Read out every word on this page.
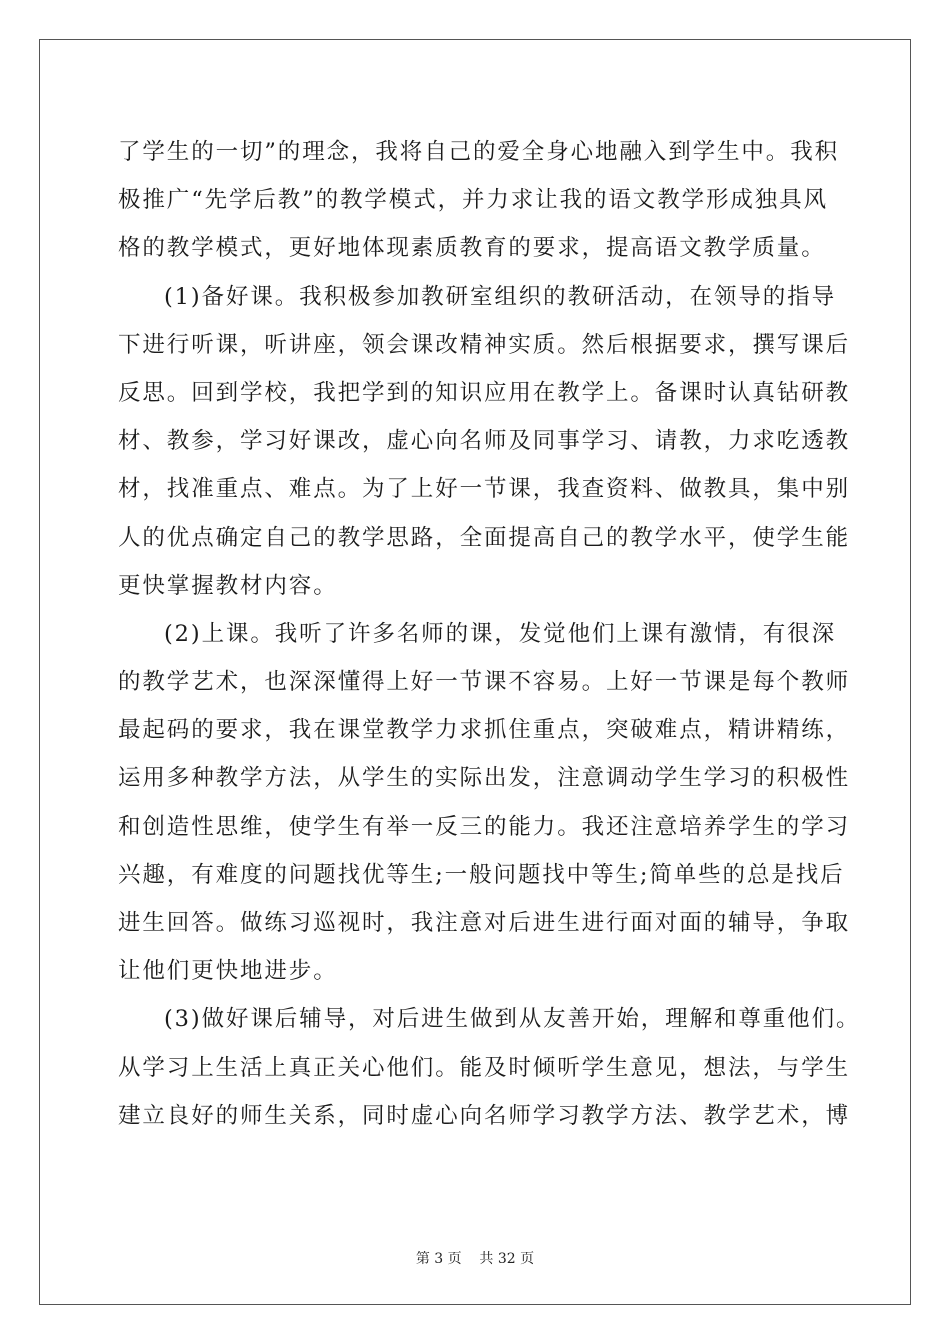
了学生的一切”的理念，我将自己的爱全身心地融入到学生中。我积
极推广“先学后教”的教学模式，并力求让我的语文教学形成独具风
格的教学模式，更好地体现素质教育的要求，提高语文教学质量。
(1)备好课。我积极参加教研室组织的教研活动，在领导的指导
下进行听课，听讲座，领会课改精神实质。然后根据要求，撰写课后
反思。回到学校，我把学到的知识应用在教学上。备课时认真钻研教
材、教参，学习好课改，虚心向名师及同事学习、请教，力求吃透教
材，找准重点、难点。为了上好一节课，我查资料、做教具，集中别
人的优点确定自己的教学思路，全面提高自己的教学水平，使学生能
更快掌握教材内容。
(2)上课。我听了许多名师的课，发觉他们上课有激情，有很深
的教学艺术，也深深懂得上好一节课不容易。上好一节课是每个教师
最起码的要求，我在课堂教学力求抓住重点，突破难点，精讲精练，
运用多种教学方法，从学生的实际出发，注意调动学生学习的积极性
和创造性思维，使学生有举一反三的能力。我还注意培养学生的学习
兴趣，有难度的问题找优等生;一般问题找中等生;简单些的总是找后
进生回答。做练习巡视时，我注意对后进生进行面对面的辅导，争取
让他们更快地进步。
(3)做好课后辅导，对后进生做到从友善开始，理解和尊重他们。
从学习上生活上真正关心他们。能及时倾听学生意见，想法，与学生
建立良好的师生关系，同时虚心向名师学习教学方法、教学艺术，博
第 3 页    共 32 页
